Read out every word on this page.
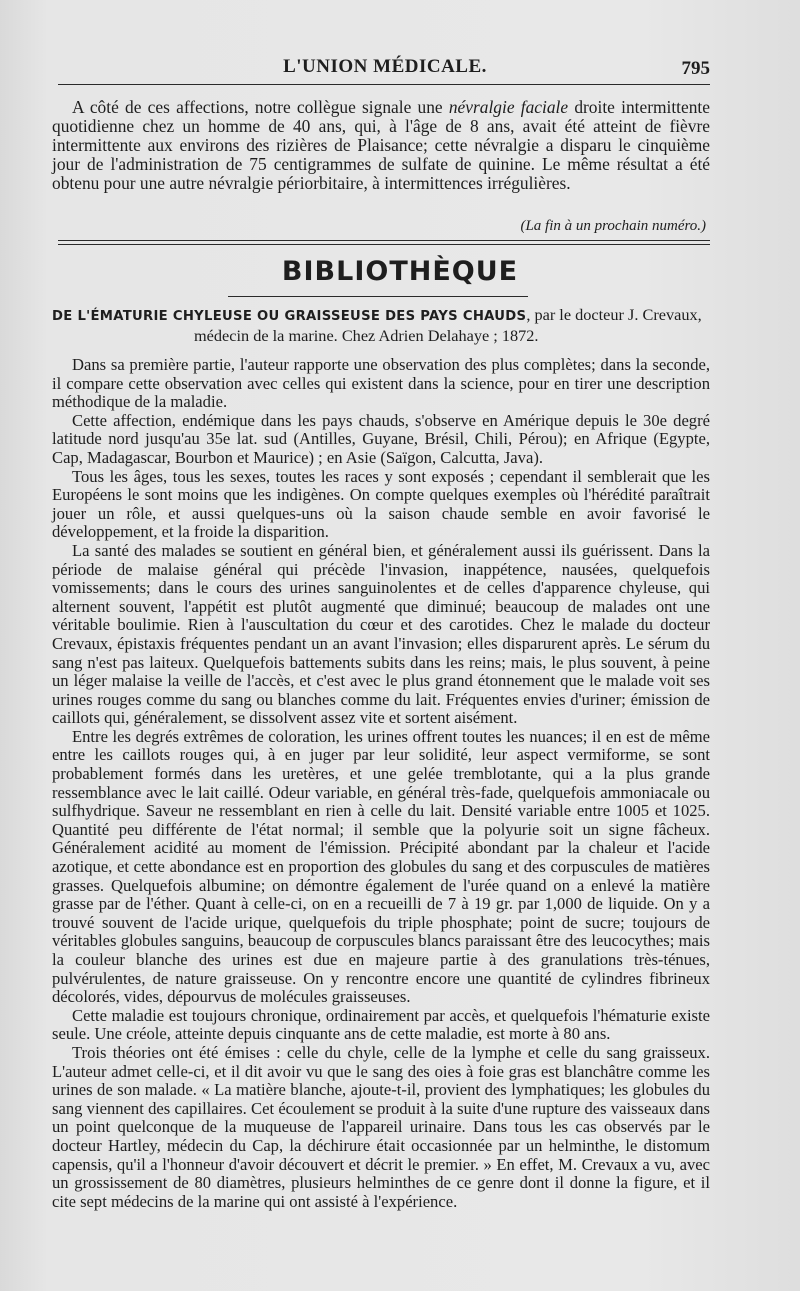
L'UNION MÉDICALE.	795

A côté de ces affections, notre collègue signale une névralgie faciale droite intermittente quotidienne chez un homme de 40 ans, qui, à l'âge de 8 ans, avait été atteint de fièvre intermittente aux environs des rizières de Plaisance; cette névralgie a disparu le cinquième jour de l'administration de 75 centigrammes de sulfate de quinine. Le même résultat a été obtenu pour une autre névralgie périorbitaire, à intermittences irrégulières.

(La fin à un prochain numéro.)
BIBLIOTHÈQUE
DE L'ÉMATURIE CHYLEUSE OU GRAISSEUSE DES PAYS CHAUDS, par le docteur J. Crevaux,
médecin de la marine. Chez Adrien Delahaye ; 1872.

Dans sa première partie, l'auteur rapporte une observation des plus complètes; dans la seconde, il compare cette observation avec celles qui existent dans la science, pour en tirer une description méthodique de la maladie.

Cette affection, endémique dans les pays chauds, s'observe en Amérique depuis le 30e degré latitude nord jusqu'au 35e lat. sud (Antilles, Guyane, Brésil, Chili, Pérou); en Afrique (Egypte, Cap, Madagascar, Bourbon et Maurice) ; en Asie (Saïgon, Calcutta, Java).

Tous les âges, tous les sexes, toutes les races y sont exposés ; cependant il semblerait que les Européens le sont moins que les indigènes. On compte quelques exemples où l'hérédité paraîtrait jouer un rôle, et aussi quelques-uns où la saison chaude semble en avoir favorisé le développement, et la froide la disparition.

La santé des malades se soutient en général bien, et généralement aussi ils guérissent. Dans la période de malaise général qui précède l'invasion, inappétence, nausées, quelquefois vomissements; dans le cours des urines sanguinolentes et de celles d'apparence chyleuse, qui alternent souvent, l'appétit est plutôt augmenté que diminué; beaucoup de malades ont une véritable boulimie. Rien à l'auscultation du cœur et des carotides. Chez le malade du docteur Crevaux, épistaxis fréquentes pendant un an avant l'invasion; elles disparurent après. Le sérum du sang n'est pas laiteux. Quelquefois battements subits dans les reins; mais, le plus souvent, à peine un léger malaise la veille de l'accès, et c'est avec le plus grand étonnement que le malade voit ses urines rouges comme du sang ou blanches comme du lait. Fréquentes envies d'uriner; émission de caillots qui, généralement, se dissolvent assez vite et sortent aisément.

Entre les degrés extrêmes de coloration, les urines offrent toutes les nuances; il en est de même entre les caillots rouges qui, à en juger par leur solidité, leur aspect vermiforme, se sont probablement formés dans les uretères, et une gelée tremblotante, qui a la plus grande ressemblance avec le lait caillé. Odeur variable, en général très-fade, quelquefois ammoniacale ou sulfhydrique. Saveur ne ressemblant en rien à celle du lait. Densité variable entre 1005 et 1025. Quantité peu différente de l'état normal; il semble que la polyurie soit un signe fâcheux. Généralement acidité au moment de l'émission. Précipité abondant par la chaleur et l'acide azotique, et cette abondance est en proportion des globules du sang et des corpuscules de matières grasses. Quelquefois albumine; on démontre également de l'urée quand on a enlevé la matière grasse par de l'éther. Quant à celle-ci, on en a recueilli de 7 à 19 gr. par 1,000 de liquide. On y a trouvé souvent de l'acide urique, quelquefois du triple phosphate; point de sucre; toujours de véritables globules sanguins, beaucoup de corpuscules blancs paraissant être des leucocythes; mais la couleur blanche des urines est due en majeure partie à des granulations très-ténues, pulvérulentes, de nature graisseuse. On y rencontre encore une quantité de cylindres fibrineux décolorés, vides, dépourvus de molécules graisseuses.

Cette maladie est toujours chronique, ordinairement par accès, et quelquefois l'hématurie existe seule. Une créole, atteinte depuis cinquante ans de cette maladie, est morte à 80 ans.

Trois théories ont été émises : celle du chyle, celle de la lymphe et celle du sang graisseux. L'auteur admet celle-ci, et il dit avoir vu que le sang des oies à foie gras est blanchâtre comme les urines de son malade. « La matière blanche, ajoute-t-il, provient des lymphatiques; les globules du sang viennent des capillaires. Cet écoulement se produit à la suite d'une rupture des vaisseaux dans un point quelconque de la muqueuse de l'appareil urinaire. Dans tous les cas observés par le docteur Hartley, médecin du Cap, la déchirure était occasionnée par un helminthe, le distomum capensis, qu'il a l'honneur d'avoir découvert et décrit le premier. » En effet, M. Crevaux a vu, avec un grossissement de 80 diamètres, plusieurs helminthes de ce genre dont il donne la figure, et il cite sept médecins de la marine qui ont assisté à l'expérience.
